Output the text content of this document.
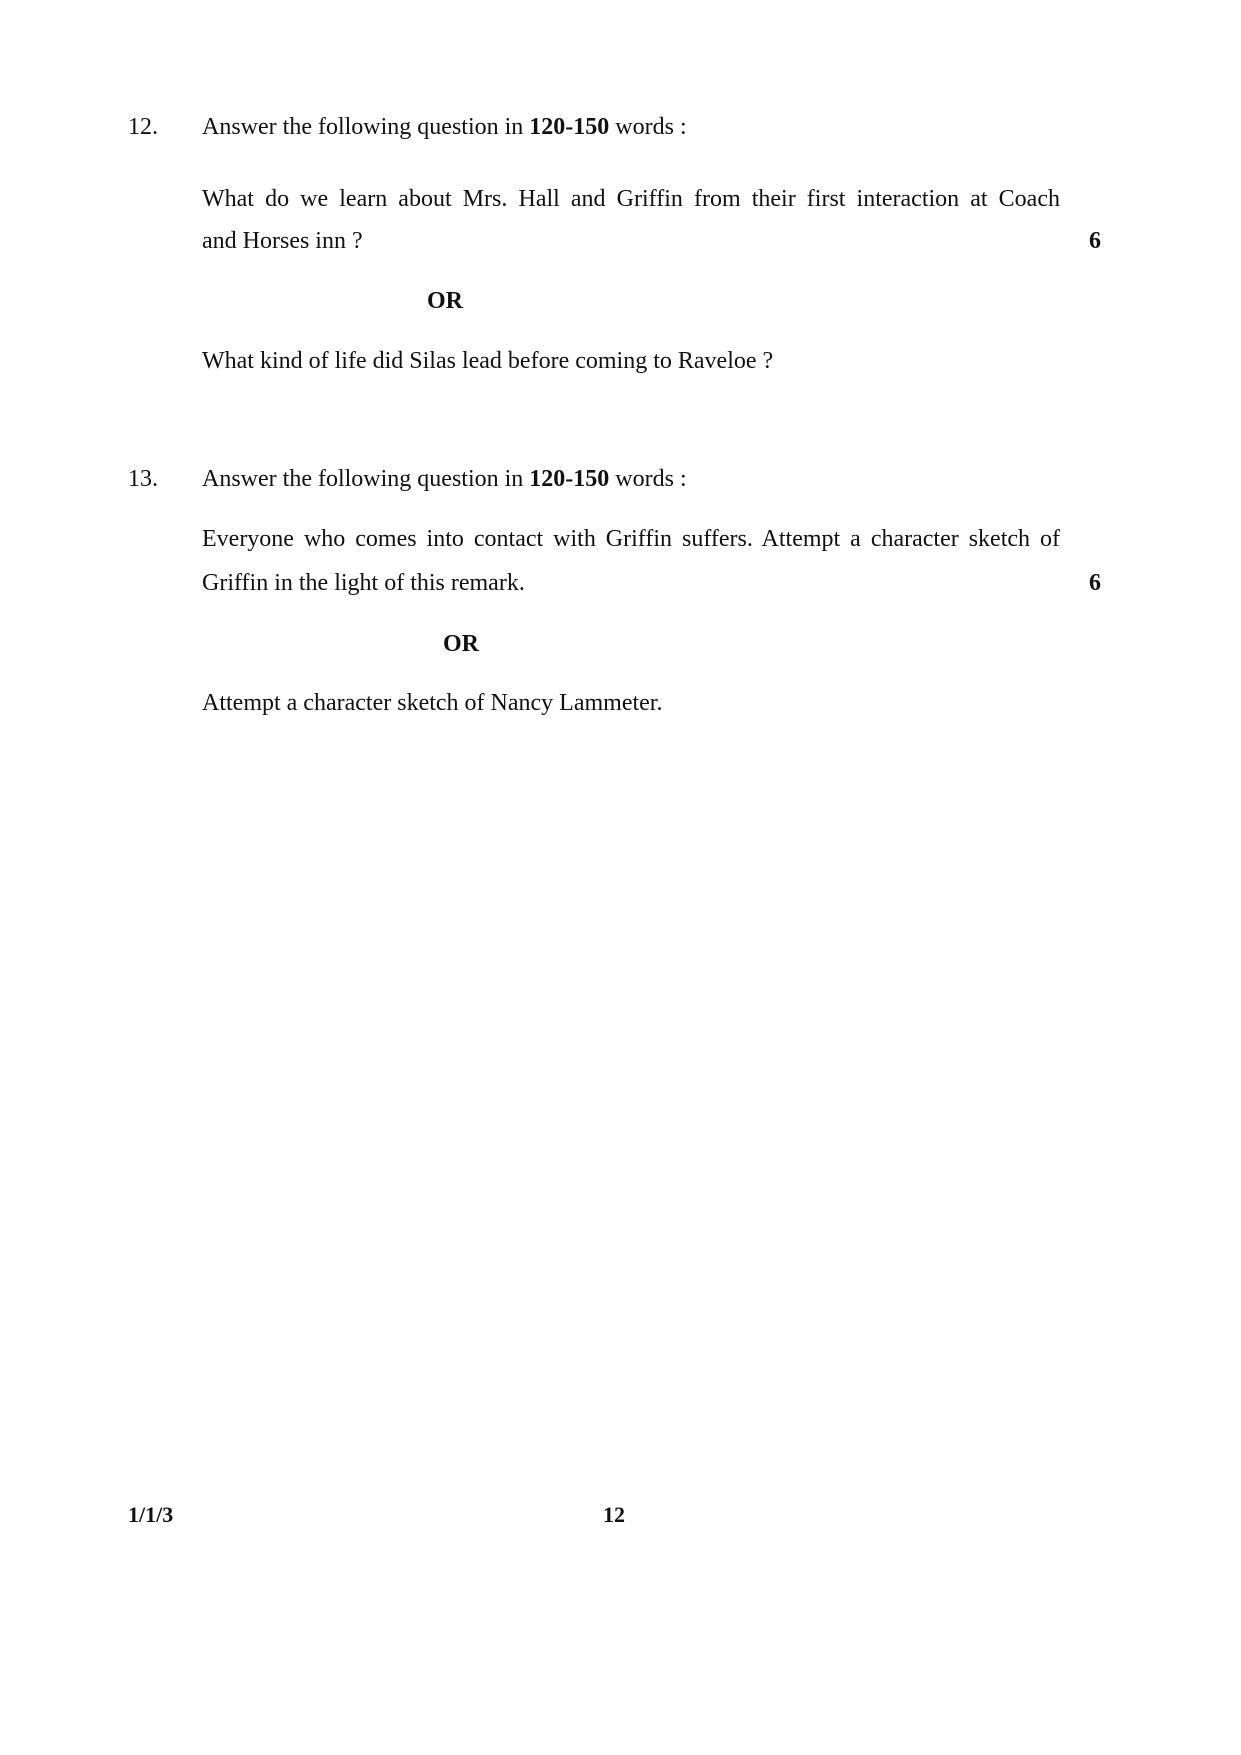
12. Answer the following question in 120-150 words :
What do we learn about Mrs. Hall and Griffin from their first interaction at Coach
and Horses inn ?	6
OR
What kind of life did Silas lead before coming to Raveloe ?
13. Answer the following question in 120-150 words :
Everyone who comes into contact with Griffin suffers. Attempt a character sketch of
Griffin in the light of this remark.	6
OR
Attempt a character sketch of Nancy Lammeter.
1/1/3	12
